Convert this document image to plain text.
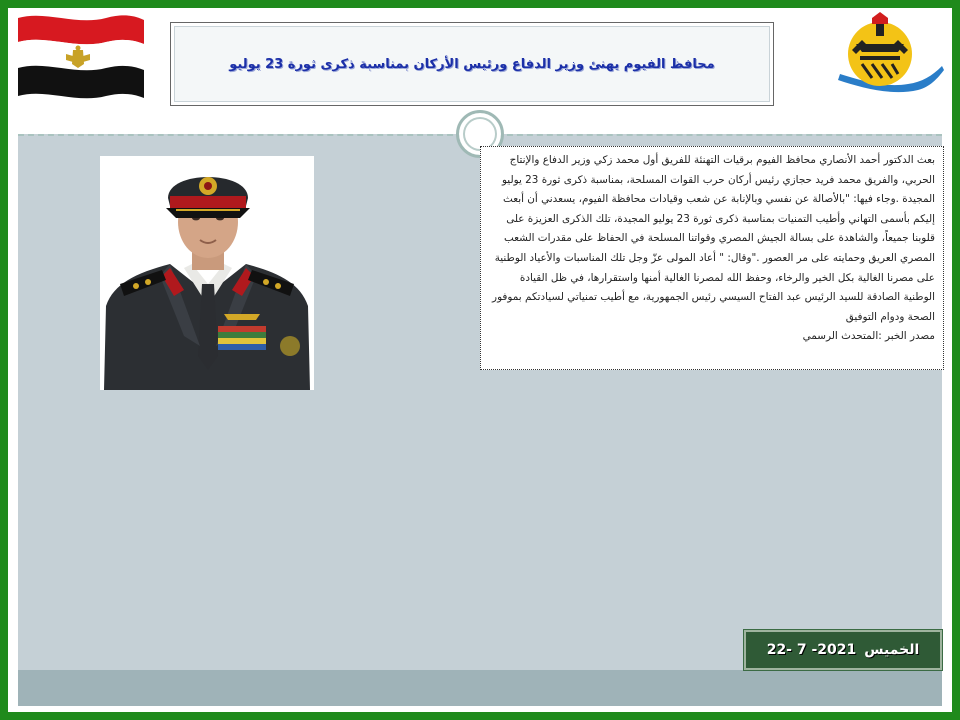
محافظ الفيوم يهنئ وزير الدفاع ورئيس الأركان بمناسبة ذكرى ثورة 23 يوليو

بعث الدكتور أحمد الأنصاري محافظ الفيوم برقيات التهنئة للفريق أول محمد زكي وزير الدفاع والإنتاج الحربي، والفريق محمد فريد حجازي رئيس أركان حرب القوات المسلحة، بمناسبة ذكرى ثورة 23 يوليو المجيدة .وجاء فيها: "بالأصالة عن نفسي وبالإنابة عن شعب وقيادات محافظة الفيوم، يسعدني أن أبعث إليكم بأسمى التهاني وأطيب التمنيات بمناسبة ذكرى ثورة 23 يوليو المجيدة، تلك الذكرى العزيزة على قلوبنا جميعاً، والشاهدة على بسالة الجيش المصري وقواتنا المسلحة في الحفاظ على مقدرات الشعب المصري العريق وحمايته على مر العصور ."وقال: " أعاد المولى عزّ وجل تلك المناسبات والأعياد الوطنية على مصرنا الغالية بكل الخير والرخاء، وحفظ الله لمصرنا الغالية أمنها واستقرارها، في ظل القيادة الوطنية الصادقة للسيد الرئيس عبد الفتاح السيسي رئيس الجمهورية، مع أطيب تمنياتي لسيادتكم بموفور الصحة ودوام التوفيق

مصدر الخبر :المتحدث الرسمي

الخميس
22- 7 -2021
